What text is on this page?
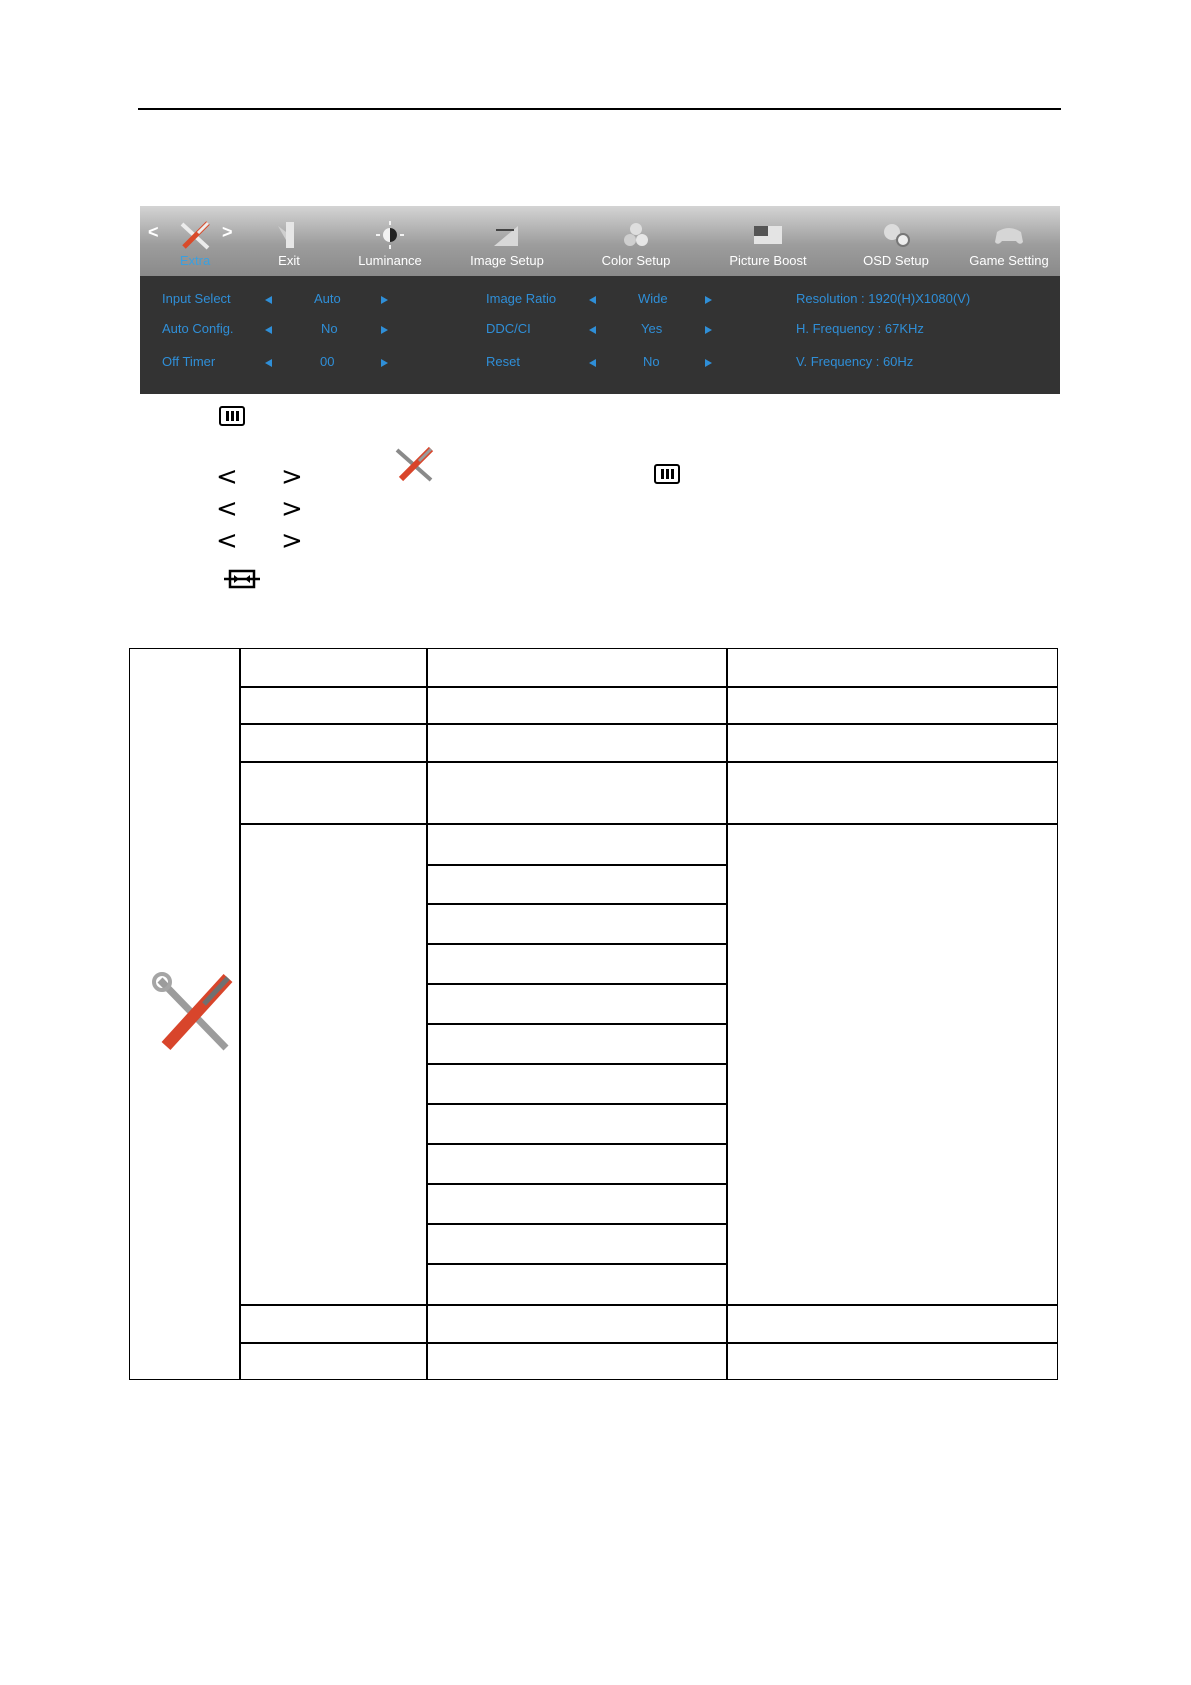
<	>
Extra	Exit	Luminance	Image Setup	Color Setup	Picture Boost	OSD Setup	Game Setting
Input Select	Auto
Auto Config.	No
Off Timer	00
Image Ratio	Wide
DDC/CI	Yes
Reset	No
Resolution : 1920(H)X1080(V)
H. Frequency : 67KHz
V. Frequency : 60Hz
< >
< >
< >
